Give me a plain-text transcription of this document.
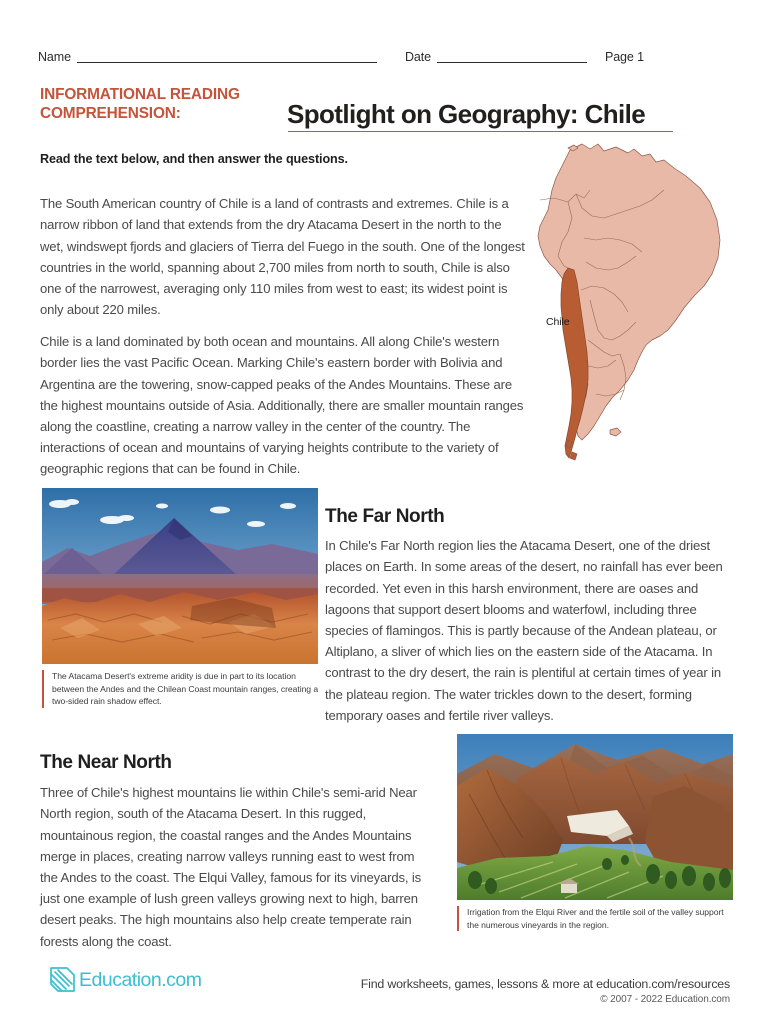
Name	Date	Page 1
INFORMATIONAL READING COMPREHENSION:	Spotlight on Geography: Chile
Read the text below, and then answer the questions.

The South American country of Chile is a land of contrasts and extremes. Chile is a narrow ribbon of land that extends from the dry Atacama Desert in the north to the wet, windswept fjords and glaciers of Tierra del Fuego in the south. One of the longest countries in the world, spanning about 2,700 miles from north to south, Chile is also one of the narrowest, averaging only 110 miles from west to east; its widest point is only about 220 miles.

Chile is a land dominated by both ocean and mountains. All along Chile's western border lies the vast Pacific Ocean. Marking Chile's eastern border with Bolivia and Argentina are the towering, snow-capped peaks of the Andes Mountains. These are the highest mountains outside of Asia. Additionally, there are smaller mountain ranges along the coastline, creating a narrow valley in the center of the country. The interactions of ocean and mountains of varying heights contribute to the variety of geographic regions that can be found in Chile.

Chile
The Atacama Desert's extreme aridity is due in part to its location between the Andes and the Chilean Coast mountain ranges, creating a two-sided rain shadow effect.
The Far North

In Chile's Far North region lies the Atacama Desert, one of the driest places on Earth. In some areas of the desert, no rainfall has ever been recorded. Yet even in this harsh environment, there are oases and lagoons that support desert blooms and waterfowl, including three species of flamingos. This is partly because of the Andean plateau, or Altiplano, a sliver of which lies on the eastern side of the Atacama. In contrast to the dry desert, the rain is plentiful at certain times of year in the plateau region. The water trickles down to the desert, forming temporary oases and fertile river valleys.

The Near North

Three of Chile's highest mountains lie within Chile's semi-arid Near North region, south of the Atacama Desert. In this rugged, mountainous region, the coastal ranges and the Andes Mountains merge in places, creating narrow valleys running east to west from the Andes to the coast. The Elqui Valley, famous for its vineyards, is just one example of lush green valleys growing next to high, barren desert peaks. The high mountains also help create temperate rain forests along the coast.

Irrigation from the Elqui River and the fertile soil of the valley support the numerous vineyards in the region.
Education.com	Find worksheets, games, lessons & more at education.com/resources
© 2007 - 2022 Education.com
